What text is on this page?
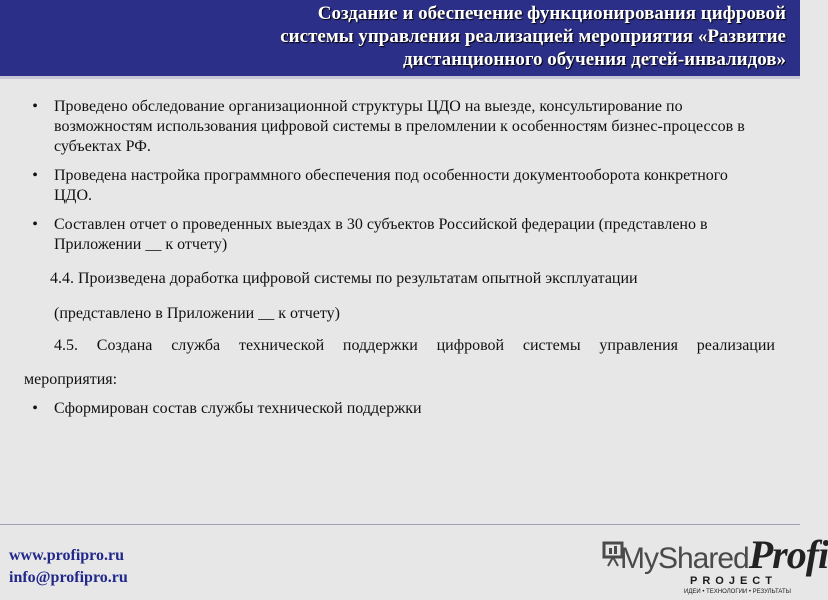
Создание и обеспечение функционирования цифровой
системы управления реализацией мероприятия «Развитие
дистанционного обучения детей-инвалидов»
• Проведено обследование организационной структуры ЦДО на выезде, консультирование по возможностям использования цифровой системы в преломлении к особенностям бизнес-процессов в субъектах РФ.
• Проведена настройка программного обеспечения под особенности документооборота конкретного ЦДО.
• Составлен отчет о проведенных выездах в 30 субъектов Российской федерации (представлено в Приложении __ к отчету)
4.4. Произведена доработка цифровой системы по результатам опытной эксплуатации
(представлено в Приложении __ к отчету)
4.5. Создана служба технической поддержки цифровой системы управления реализации
мероприятия:
• Сформирован состав службы технической поддержки
www.profipro.ru
info@profipro.ru
MySharedProfi
PROJECT
ИДЕИ • ТЕХНОЛОГИИ • РЕЗУЛЬТАТЫ
